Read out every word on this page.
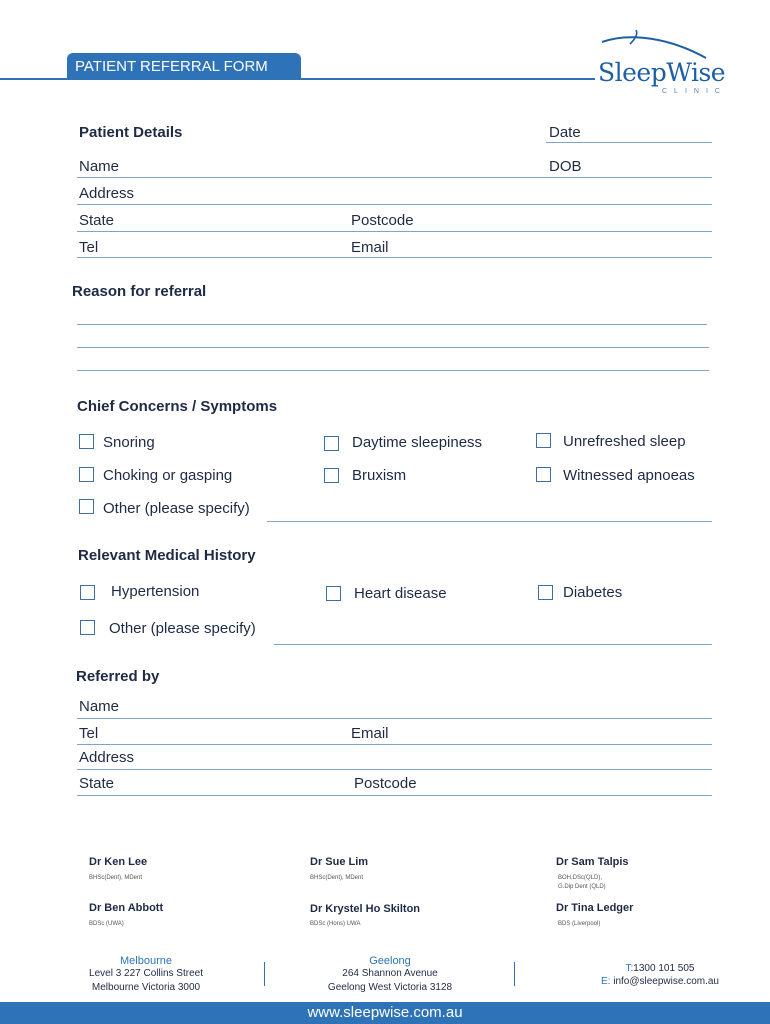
PATIENT REFERRAL FORM	SleepWise
CLINIC
Patient Details	Date
Name	DOB
Address
State	Postcode
Tel	Email
Reason for referral
Chief Concerns / Symptoms
Snoring	Daytime sleepiness	Unrefreshed sleep
Choking or gasping	Bruxism	Witnessed apnoeas
Other (please specify)
Relevant Medical History
Hypertension	Heart disease	Diabetes
Other (please specify)
Referred by
Name
Tel	Email
Address
State	Postcode
Dr Ken Lee
BHSc(Dent), MDent
Dr Sue Lim
BHSc(Dent), MDent
Dr Sam Talpis
BOH,DSc(QLD),
G.Dip Dent (QLD)
Dr Ben Abbott
BDSc (UWA)
Dr Krystel Ho Skilton
BDSc (Hons) UWA
Dr Tina Ledger
BDS (Liverpool)
Melbourne
Level 3 227 Collins Street
Melbourne Victoria 3000
Geelong
264 Shannon Avenue
Geelong West Victoria 3128
T:1300 101 505
E: info@sleepwise.com.au
www.sleepwise.com.au
